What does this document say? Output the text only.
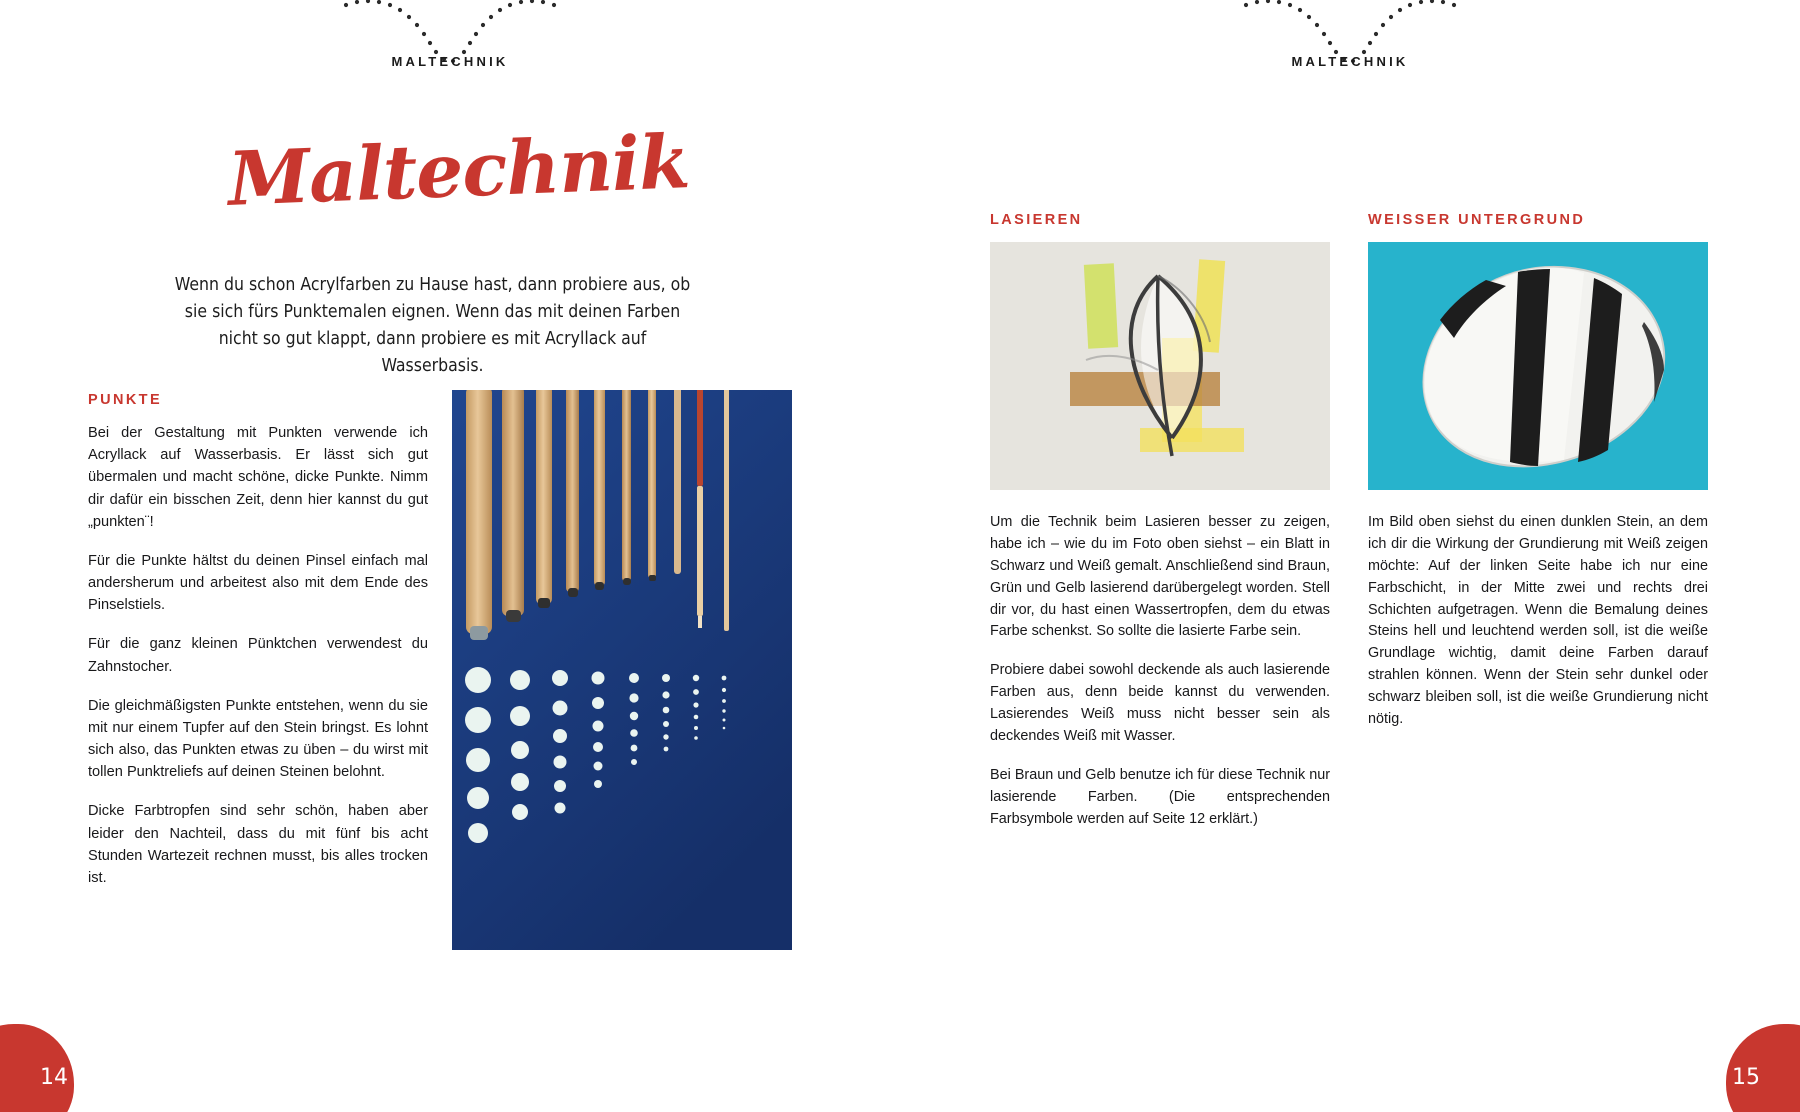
MALTECHNIK
Maltechnik
Wenn du schon Acrylfarben zu Hause hast, dann probiere aus, ob sie sich fürs Punktemalen eignen. Wenn das mit deinen Farben nicht so gut klappt, dann probiere es mit Acryllack auf Wasserbasis.
PUNKTE

Bei der Gestaltung mit Punkten verwende ich Acryllack auf Wasserbasis. Er lässt sich gut übermalen und macht schöne, dicke Punkte. Nimm dir dafür ein bisschen Zeit, denn hier kannst du gut „punkten¨!

Für die Punkte hältst du deinen Pinsel einfach mal andersherum und arbeitest also mit dem Ende des Pinselstiels.

Für die ganz kleinen Pünktchen verwendest du Zahnstocher.

Die gleichmäßigsten Punkte entstehen, wenn du sie mit nur einem Tupfer auf den Stein bringst. Es lohnt sich also, das Punkten etwas zu üben – du wirst mit tollen Punktreliefs auf deinen Steinen belohnt.

Dicke Farbtropfen sind sehr schön, haben aber leider den Nachteil, dass du mit fünf bis acht Stunden Wartezeit rechnen musst, bis alles trocken ist.

14
MALTECHNIK
LASIEREN

Um die Technik beim Lasieren besser zu zeigen, habe ich – wie du im Foto oben siehst – ein Blatt in Schwarz und Weiß gemalt. Anschließend sind Braun, Grün und Gelb lasierend darübergelegt worden. Stell dir vor, du hast einen Wassertropfen, dem du etwas Farbe schenkst. So sollte die lasierte Farbe sein.

Probiere dabei sowohl deckende als auch lasierende Farben aus, denn beide kannst du verwenden. Lasierendes Weiß muss nicht besser sein als deckendes Weiß mit Wasser.

Bei Braun und Gelb benutze ich für diese Technik nur lasierende Farben. (Die entsprechenden Farbsymbole werden auf Seite 12 erklärt.)

WEISSER UNTERGRUND

Im Bild oben siehst du einen dunklen Stein, an dem ich dir die Wirkung der Grundierung mit Weiß zeigen möchte: Auf der linken Seite habe ich nur eine Farbschicht, in der Mitte zwei und rechts drei Schichten aufgetragen. Wenn die Bemalung deines Steins hell und leuchtend werden soll, ist die weiße Grundlage wichtig, damit deine Farben darauf strahlen können. Wenn der Stein sehr dunkel oder schwarz bleiben soll, ist die weiße Grundierung nicht nötig.

15
